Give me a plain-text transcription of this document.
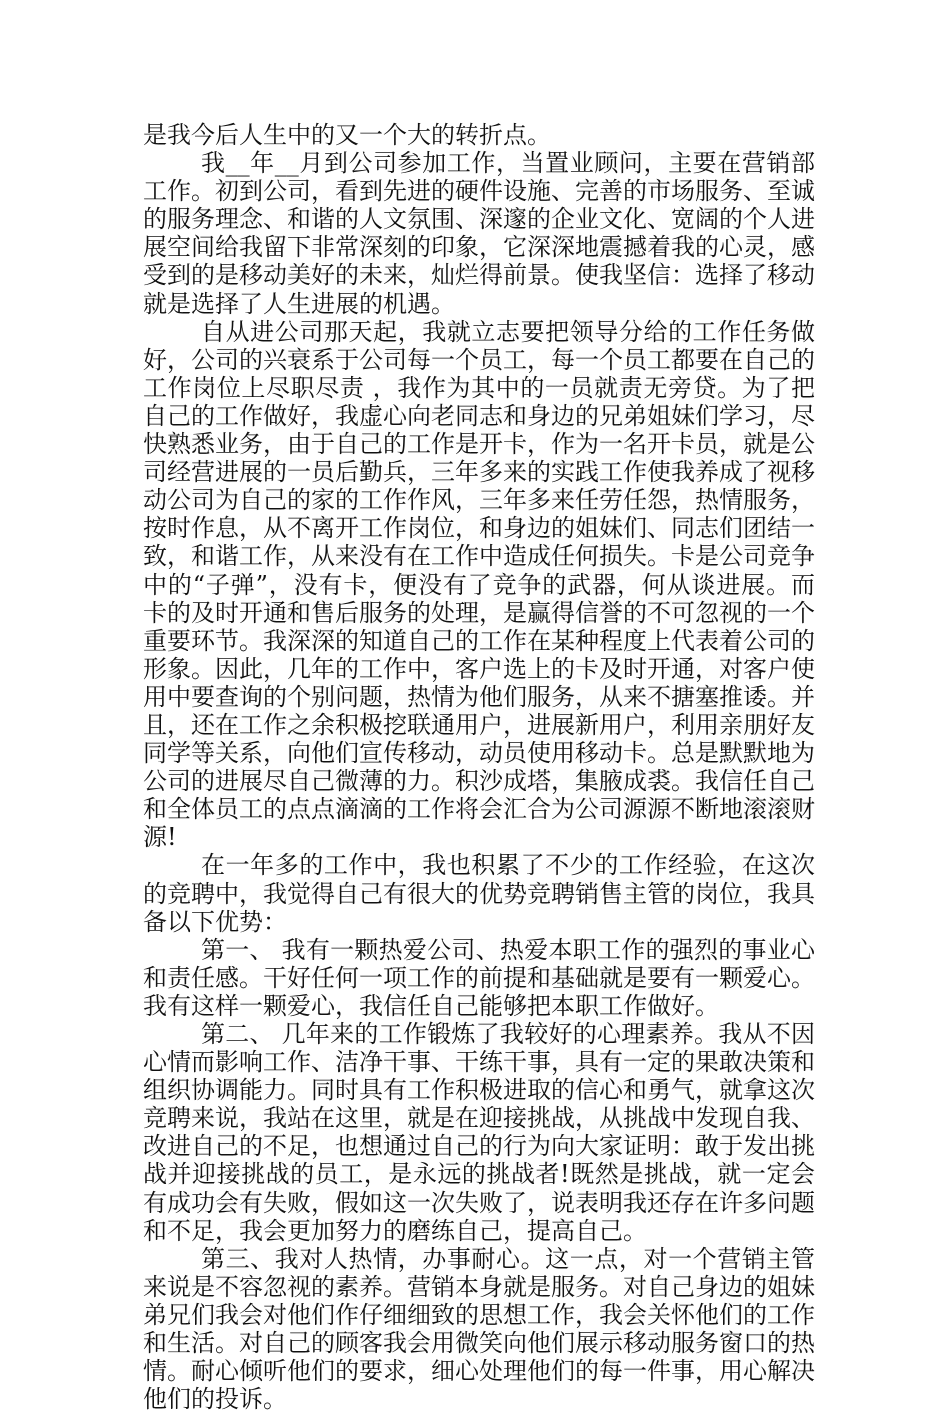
是我今后人生中的又一个大的转折点。

我__年__月到公司参加工作，当置业顾问，主要在营销部工作。初到公司，看到先进的硬件设施、完善的市场服务、至诚的服务理念、和谐的人文氛围、深邃的企业文化、宽阔的个人进展空间给我留下非常深刻的印象，它深深地震撼着我的心灵，感受到的是移动美好的未来，灿烂得前景。使我坚信：选择了移动就是选择了人生进展的机遇。

自从进公司那天起，我就立志要把领导分给的工作任务做好，公司的兴衰系于公司每一个员工，每一个员工都要在自己的工作岗位上尽职尽责 ，我作为其中的一员就责无旁贷。为了把自己的工作做好，我虚心向老同志和身边的兄弟姐妹们学习，尽快熟悉业务，由于自己的工作是开卡，作为一名开卡员，就是公司经营进展的一员后勤兵，三年多来的实践工作使我养成了视移动公司为自己的家的工作作风，三年多来任劳任怨，热情服务，按时作息，从不离开工作岗位，和身边的姐妹们、同志们团结一致，和谐工作，从来没有在工作中造成任何损失。卡是公司竞争中的“子弹”，没有卡，便没有了竞争的武器，何从谈进展。而卡的及时开通和售后服务的处理，是赢得信誉的不可忽视的一个重要环节。我深深的知道自己的工作在某种程度上代表着公司的形象。因此，几年的工作中，客户选上的卡及时开通，对客户使用中要查询的个别问题，热情为他们服务，从来不搪塞推诿。并且，还在工作之余积极挖联通用户，进展新用户，利用亲朋好友同学等关系，向他们宣传移动，动员使用移动卡。总是默默地为公司的进展尽自己微薄的力。积沙成塔，集腋成裘。我信任自己和全体员工的点点滴滴的工作将会汇合为公司源源不断地滚滚财源!

在一年多的工作中，我也积累了不少的工作经验，在这次的竞聘中，我觉得自己有很大的优势竞聘销售主管的岗位，我具备以下优势：

第一、 我有一颗热爱公司、热爱本职工作的强烈的事业心和责任感。干好任何一项工作的前提和基础就是要有一颗爱心。我有这样一颗爱心，我信任自己能够把本职工作做好。

第二、 几年来的工作锻炼了我较好的心理素养。我从不因心情而影响工作、洁净干事、干练干事，具有一定的果敢决策和组织协调能力。同时具有工作积极进取的信心和勇气，就拿这次竞聘来说，我站在这里，就是在迎接挑战，从挑战中发现自我、改进自己的不足，也想通过自己的行为向大家证明：敢于发出挑战并迎接挑战的员工，是永远的挑战者!既然是挑战，就一定会有成功会有失败，假如这一次失败了，说表明我还存在许多问题和不足，我会更加努力的磨练自己，提高自己。

第三、我对人热情，办事耐心。这一点，对一个营销主管来说是不容忽视的素养。营销本身就是服务。对自己身边的姐妹弟兄们我会对他们作仔细细致的思想工作，我会关怀他们的工作和生活。对自己的顾客我会用微笑向他们展示移动服务窗口的热情。耐心倾听他们的要求，细心处理他们的每一件事，用心解决他们的投诉。
